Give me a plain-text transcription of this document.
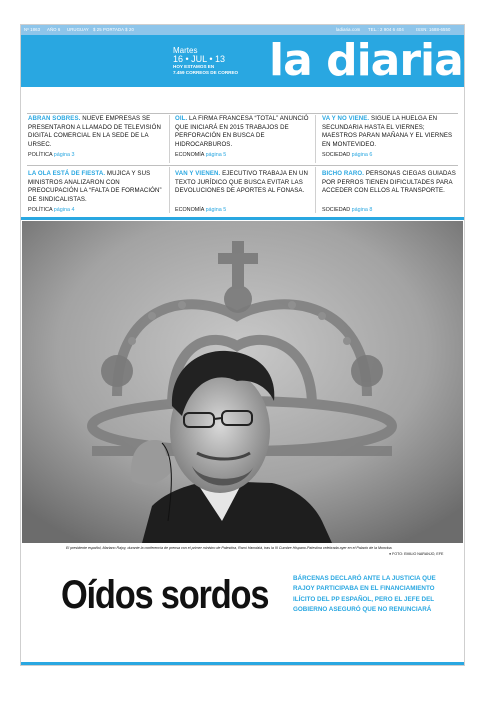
Nº 1863 AÑO 6 URUGUAY $ 25 PORTADA $ 20	ladiaria.com TEL.: 2 904 6 404	ISSN: 1688-6550
Martes
16 • JUL • 13
HOY ESTAMOS EN
7.459 CORREOS DE CORREO la diaria
ABRAN SOBRES. NUEVE EMPRESAS SE PRESENTARON A LLAMADO DE TELEVISIÓN DIGITAL COMERCIAL EN LA SEDE DE LA URSEC.
POLÍTICA página 3
OIL. LA FIRMA FRANCESA “TOTAL” ANUNCIÓ QUE INICIARÁ EN 2015 TRABAJOS DE PERFORACIÓN EN BUSCA DE HIDROCARBUROS.
ECONOMÍA página 5
VA Y NO VIENE. SIGUE LA HUELGA EN SECUNDARIA HASTA EL VIERNES; MAESTROS PARAN MAÑANA Y EL VIERNES EN MONTEVIDEO.
SOCIEDAD página 6
LA OLA ESTÁ DE FIESTA. MUJICA Y SUS MINISTROS ANALIZARON CON PREOCUPACIÓN LA “FALTA DE FORMACIÓN” DE SINDICALISTAS.
POLÍTICA página 4
VAN Y VIENEN. EJECUTIVO TRABAJA EN UN TEXTO JURÍDICO QUE BUSCA EVITAR LAS DEVOLUCIONES DE APORTES AL FONASA.
ECONOMÍA página 5
BICHO RARO. PERSONAS CIEGAS GUIADAS POR PERROS TIENEN DIFICULTADES PARA ACCEDER CON ELLOS AL TRANSPORTE.
SOCIEDAD página 8
El presidente español, Mariano Rajoy, durante la conferencia de prensa con el primer ministro de Palestina, Ramí Hamdalá, tras la III Cumbre Hispano-Palestina celebrada ayer en el Palacio de la Moncloa.
● FOTO: EMILIO NARANJO, EFE
Oídos sordos	BÁRCENAS DECLARÓ ANTE LA JUSTICIA QUE RAJOY PARTICIPABA EN EL FINANCIAMIENTO ILÍCITO DEL PP ESPAÑOL, PERO EL JEFE DEL GOBIERNO ASEGURÓ QUE NO RENUNCIARÁ
